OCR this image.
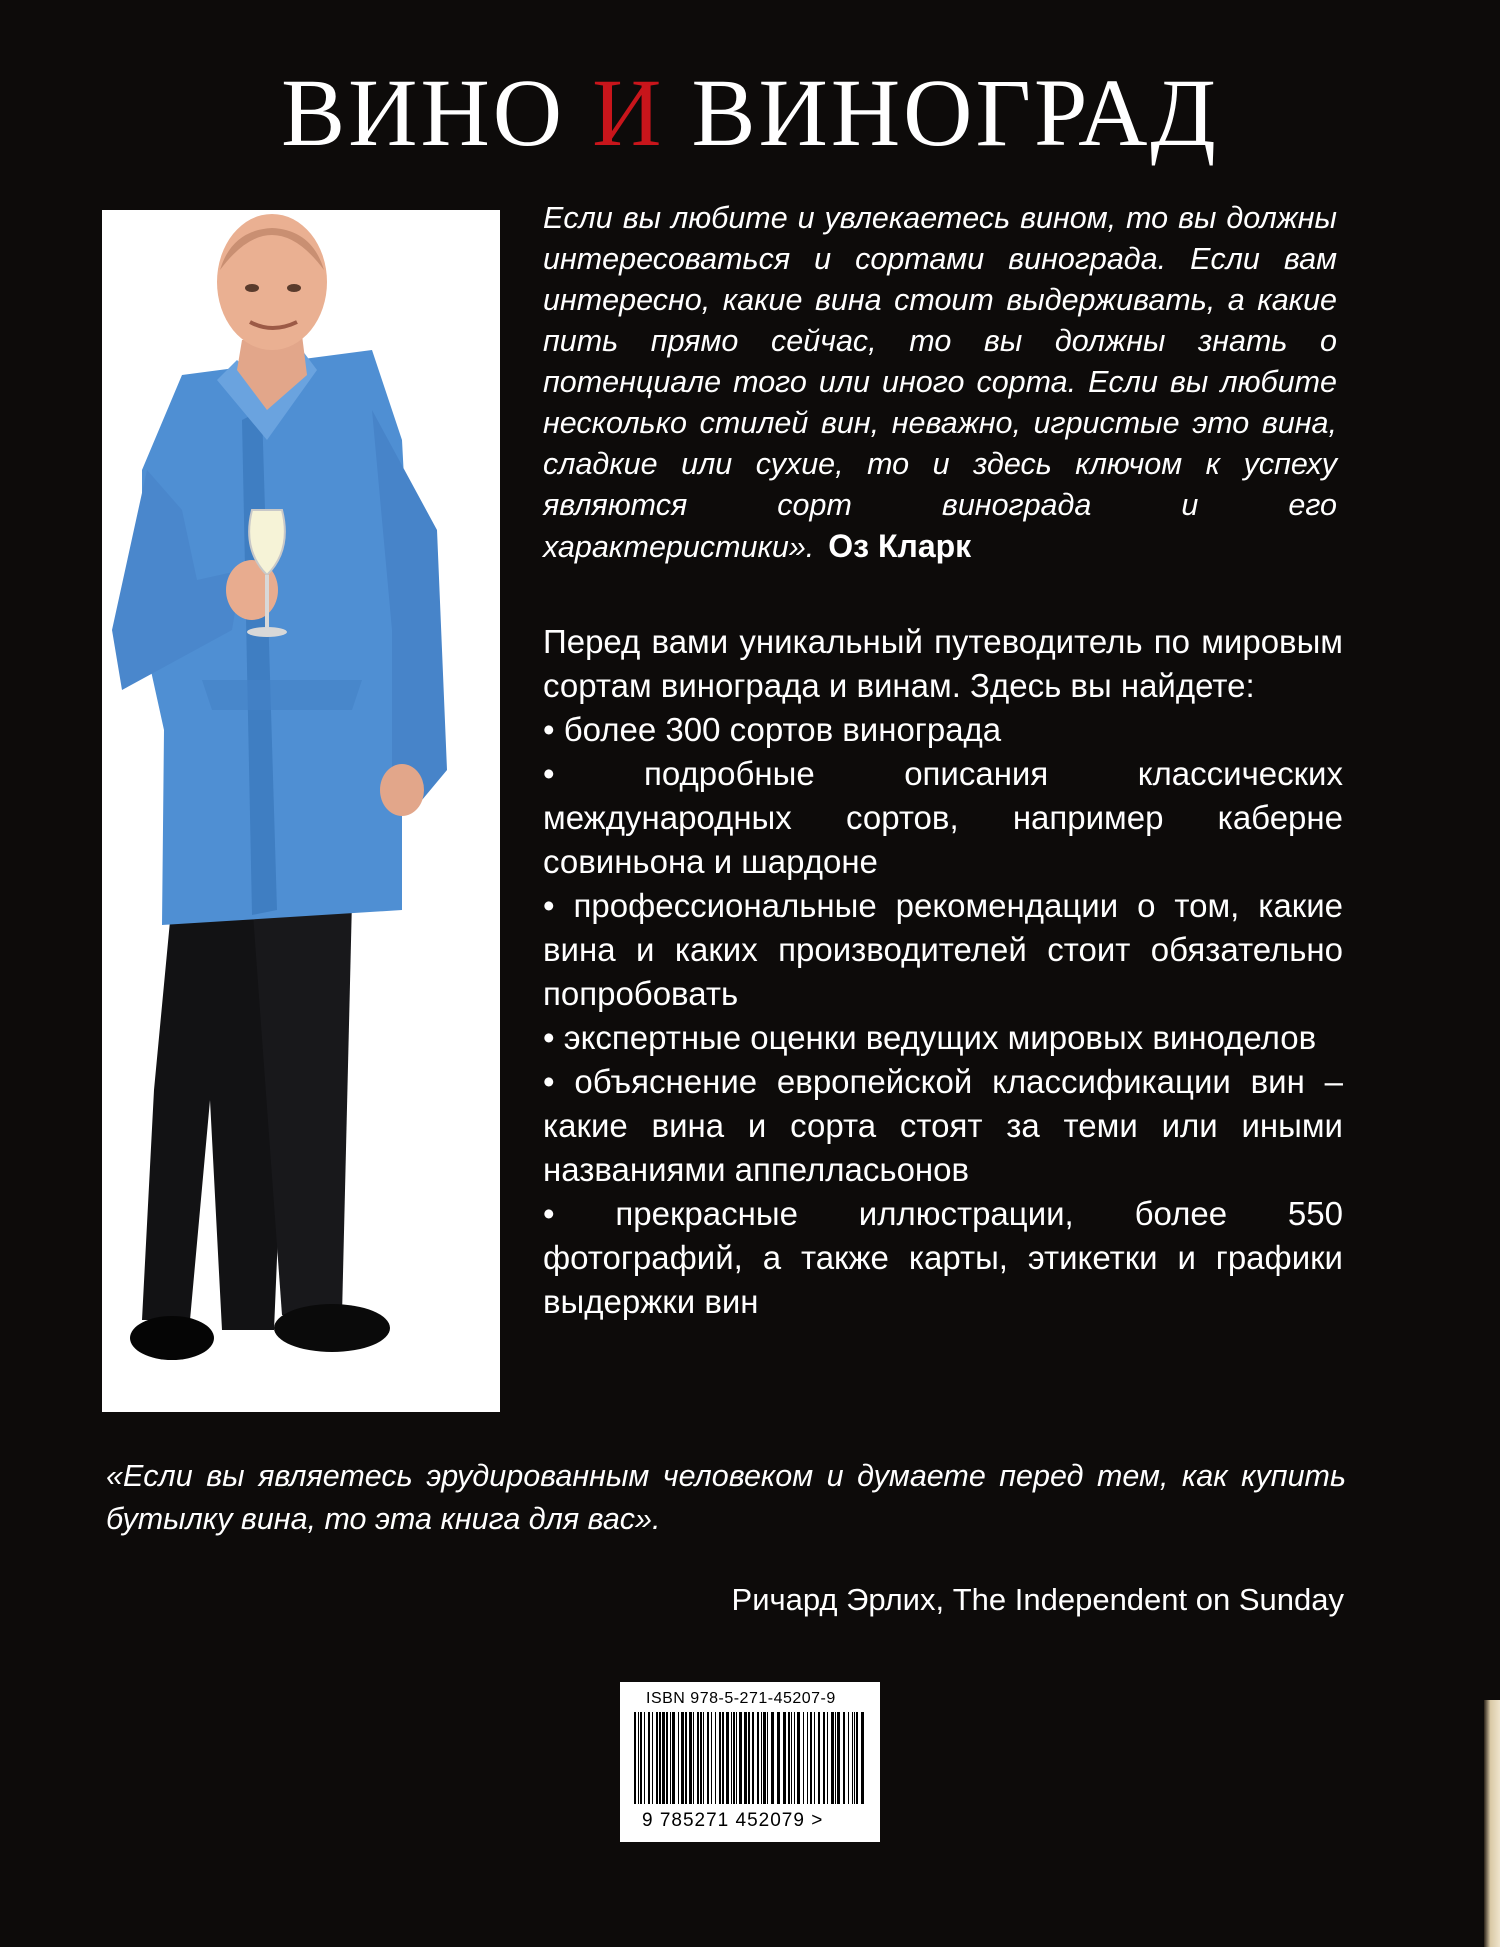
ВИНО И ВИНОГРАД
Если вы любите и увлекаетесь вином, то вы должны интересоваться и сортами винограда. Если вам интересно, какие вина стоит выдерживать, а какие пить прямо сейчас, то вы должны знать о потенциале того или иного сорта. Если вы любите несколько стилей вин, неважно, игристые это вина, сладкие или сухие, то и здесь ключом к успеху являются сорт винограда и его характеристики». Оз Кларк
Перед вами уникальный путеводитель по мировым сортам винограда и винам. Здесь вы найдете:
• более 300 сортов винограда
• подробные описания классических международных сортов, например каберне совиньона и шардоне
• профессиональные рекомендации о том, какие вина и каких производителей стоит обязательно попробовать
• экспертные оценки ведущих мировых виноделов
• объяснение европейской классификации вин – какие вина и сорта стоят за теми или иными названиями аппелласьонов
• прекрасные иллюстрации, более 550 фотографий, а также карты, этикетки и графики выдержки вин
«Если вы являетесь эрудированным человеком и думаете перед тем, как купить бутылку вина, то эта книга для вас».
Ричард Эрлих, The Independent on Sunday
ISBN 978-5-271-45207-9
9 785271 452079 >
